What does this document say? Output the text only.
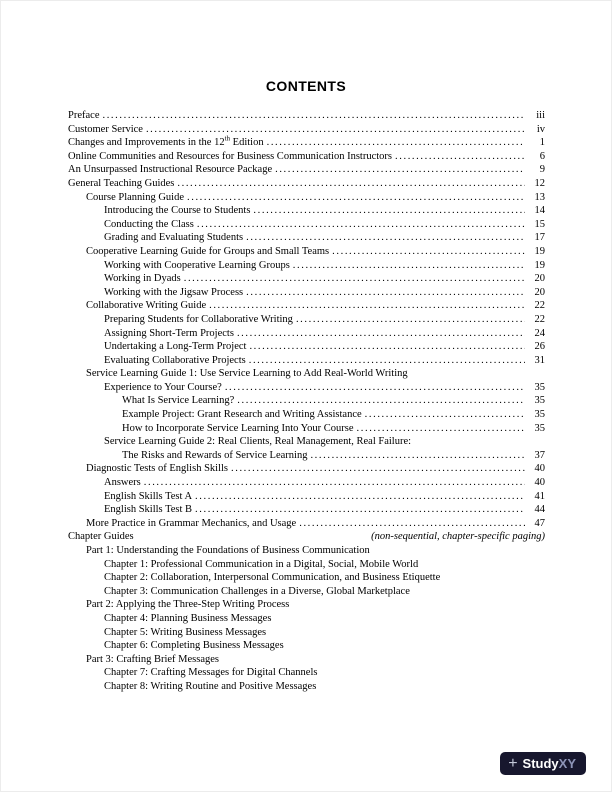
CONTENTS
Preface .....	iii
Customer Service .....	iv
Changes and Improvements in the 12th Edition .....	1
Online Communities and Resources for Business Communication Instructors .....	6
An Unsurpassed Instructional Resource Package .....	9
General Teaching Guides .....	12
Course Planning Guide .....	13
Introducing the Course to Students .....	14
Conducting the Class .....	15
Grading and Evaluating Students .....	17
Cooperative Learning Guide for Groups and Small Teams .....	19
Working with Cooperative Learning Groups .....	19
Working in Dyads .....	20
Working with the Jigsaw Process .....	20
Collaborative Writing Guide .....	22
Preparing Students for Collaborative Writing .....	22
Assigning Short-Term Projects .....	24
Undertaking a Long-Term Project .....	26
Evaluating Collaborative Projects .....	31
Service Learning Guide 1: Use Service Learning to Add Real-World Writing
Experience to Your Course? .....	35
What Is Service Learning? .....	35
Example Project: Grant Research and Writing Assistance .....	35
How to Incorporate Service Learning Into Your Course .....	35
Service Learning Guide 2: Real Clients, Real Management, Real Failure:
The Risks and Rewards of Service Learning .....	37
Diagnostic Tests of English Skills .....	40
Answers .....	40
English Skills Test A .....	41
English Skills Test B .....	44
More Practice in Grammar Mechanics, and Usage .....	47
Chapter Guides	(non-sequential, chapter-specific paging)
Part 1: Understanding the Foundations of Business Communication
Chapter 1: Professional Communication in a Digital, Social, Mobile World
Chapter 2: Collaboration, Interpersonal Communication, and Business Etiquette
Chapter 3: Communication Challenges in a Diverse, Global Marketplace
Part 2: Applying the Three-Step Writing Process
Chapter 4: Planning Business Messages
Chapter 5: Writing Business Messages
Chapter 6: Completing Business Messages
Part 3: Crafting Brief Messages
Chapter 7: Crafting Messages for Digital Channels
Chapter 8: Writing Routine and Positive Messages
+ Study XY
